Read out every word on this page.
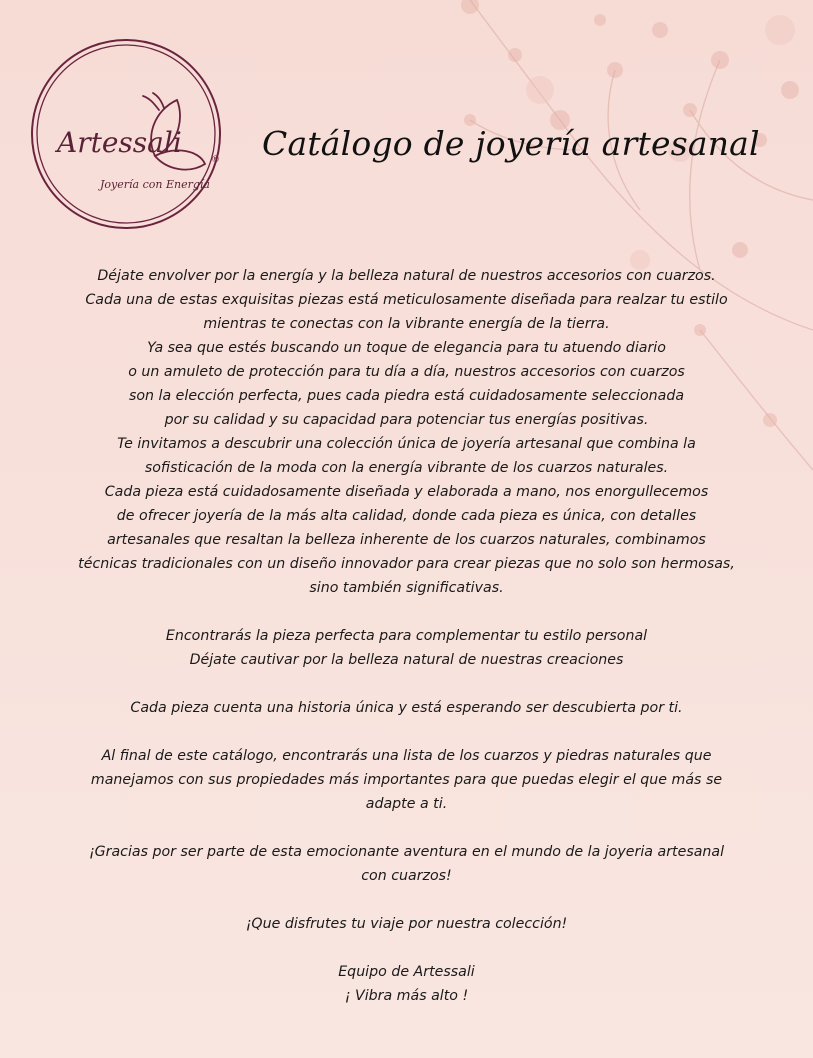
Artessali
®
Joyería con Energía
Catálogo de joyería artesanal
Déjate envolver por la energía y la belleza natural de nuestros accesorios con cuarzos.
Cada una de estas exquisitas piezas está meticulosamente diseñada para realzar tu estilo
mientras te conectas con la vibrante energía de la tierra.
Ya sea que estés buscando un toque de elegancia para tu atuendo diario
o un amuleto de protección para tu día a día, nuestros accesorios con cuarzos
son la elección perfecta, pues cada piedra está cuidadosamente seleccionada
por su calidad y su capacidad para potenciar tus energías positivas.
Te invitamos a descubrir una colección única de joyería artesanal que combina la
sofisticación de la moda con la energía vibrante de los cuarzos naturales.
Cada pieza está cuidadosamente diseñada y elaborada a mano, nos enorgullecemos
de ofrecer joyería de la más alta calidad, donde cada pieza es única, con detalles
artesanales que resaltan la belleza inherente de los cuarzos naturales, combinamos
técnicas tradicionales con un diseño innovador para crear piezas que no solo son hermosas,
sino también significativas.
Encontrarás la pieza perfecta para complementar tu estilo personal
Déjate cautivar por la belleza natural de nuestras creaciones
Cada pieza cuenta una historia única y está esperando ser descubierta por ti.
Al final de este catálogo, encontrarás una lista de los cuarzos y piedras naturales que
manejamos con sus propiedades más importantes para que puedas elegir el que más se
adapte a ti.
¡Gracias por ser parte de esta emocionante aventura en el mundo de la joyeria artesanal
con cuarzos!
¡Que disfrutes tu viaje por nuestra colección!
Equipo de Artessali
¡ Vibra más alto !
